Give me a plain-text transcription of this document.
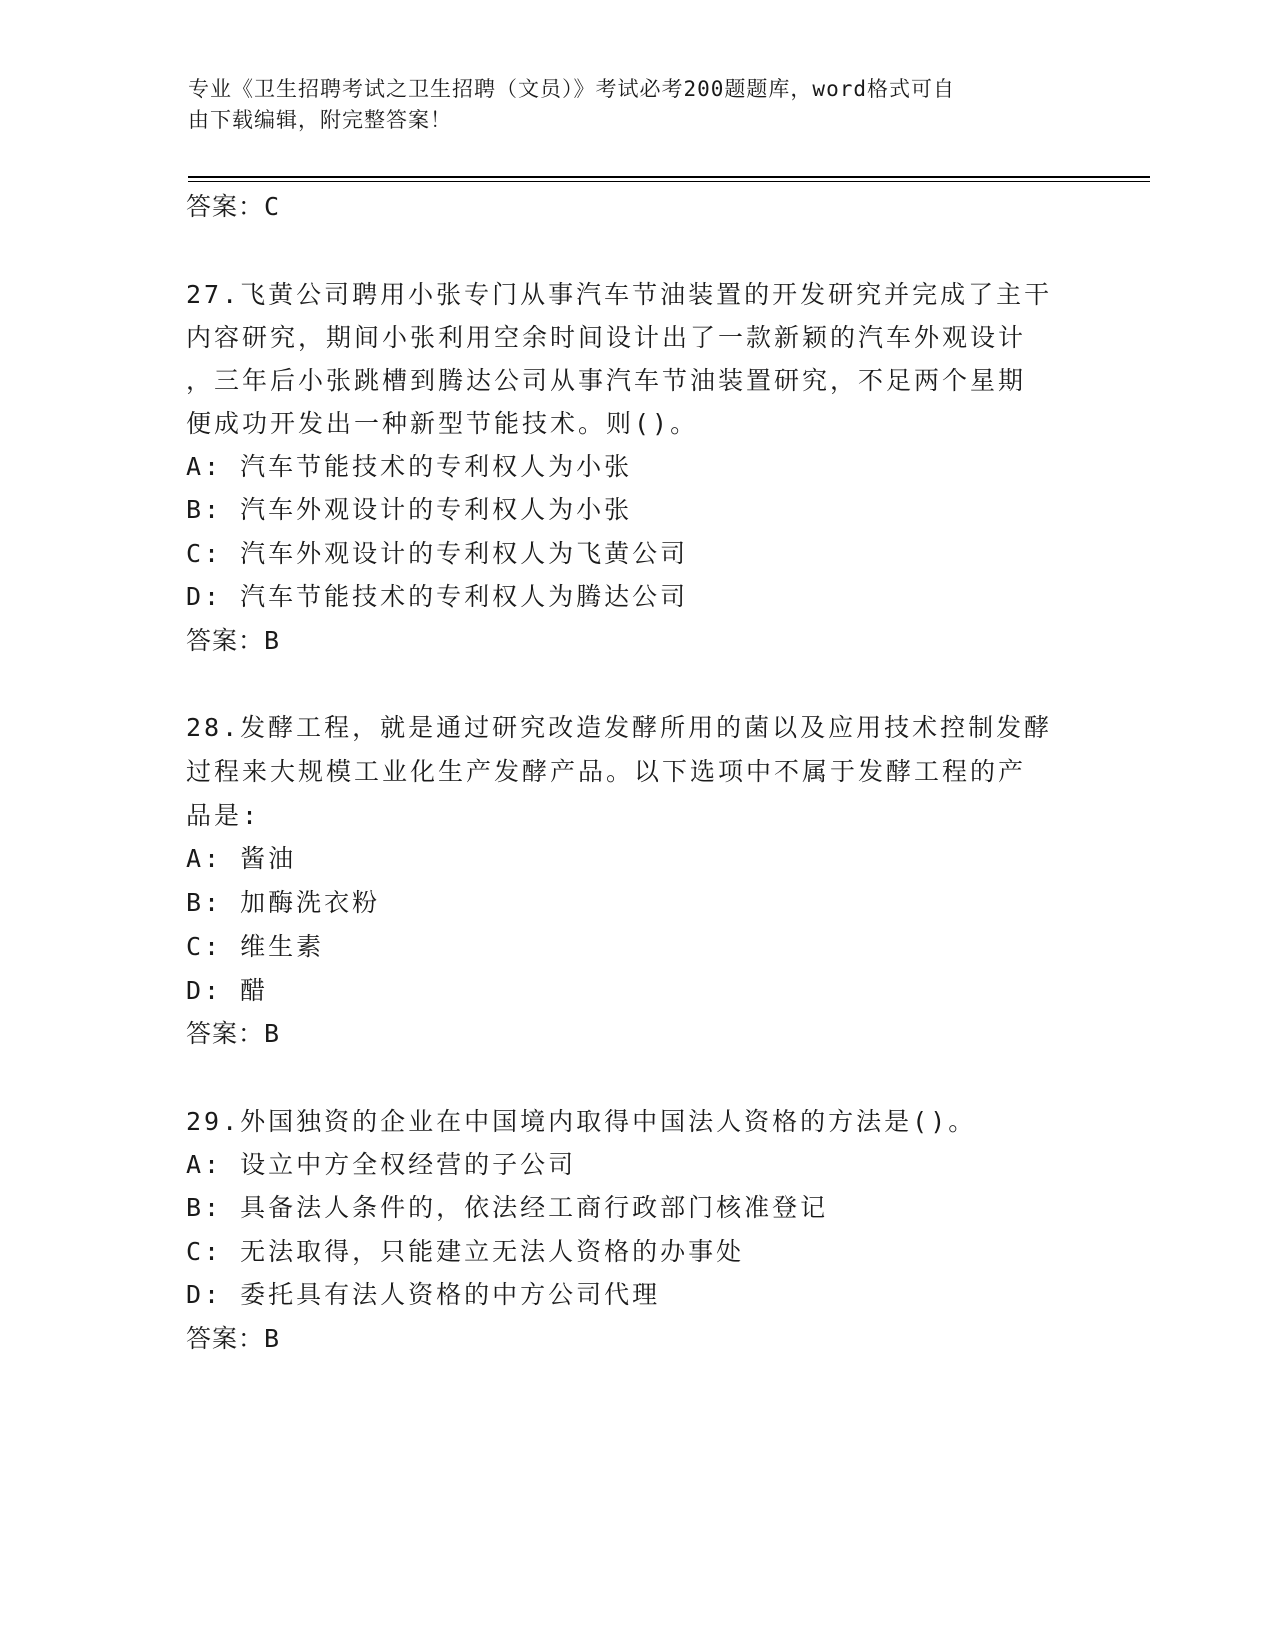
专业《卫生招聘考试之卫生招聘（文员）》考试必考200题题库，word格式可自
由下载编辑，附完整答案！
答案：C
27.飞黄公司聘用小张专门从事汽车节油装置的开发研究并完成了主干
内容研究，期间小张利用空余时间设计出了一款新颖的汽车外观设计
，三年后小张跳槽到腾达公司从事汽车节油装置研究，不足两个星期
便成功开发出一种新型节能技术。则()。
A: 汽车节能技术的专利权人为小张
B: 汽车外观设计的专利权人为小张
C: 汽车外观设计的专利权人为飞黄公司
D: 汽车节能技术的专利权人为腾达公司
答案：B
28.发酵工程，就是通过研究改造发酵所用的菌以及应用技术控制发酵
过程来大规模工业化生产发酵产品。以下选项中不属于发酵工程的产
品是:
A: 酱油
B: 加酶洗衣粉
C: 维生素
D: 醋
答案：B
29.外国独资的企业在中国境内取得中国法人资格的方法是()。
A: 设立中方全权经营的子公司
B: 具备法人条件的，依法经工商行政部门核准登记
C: 无法取得，只能建立无法人资格的办事处
D: 委托具有法人资格的中方公司代理
答案：B
